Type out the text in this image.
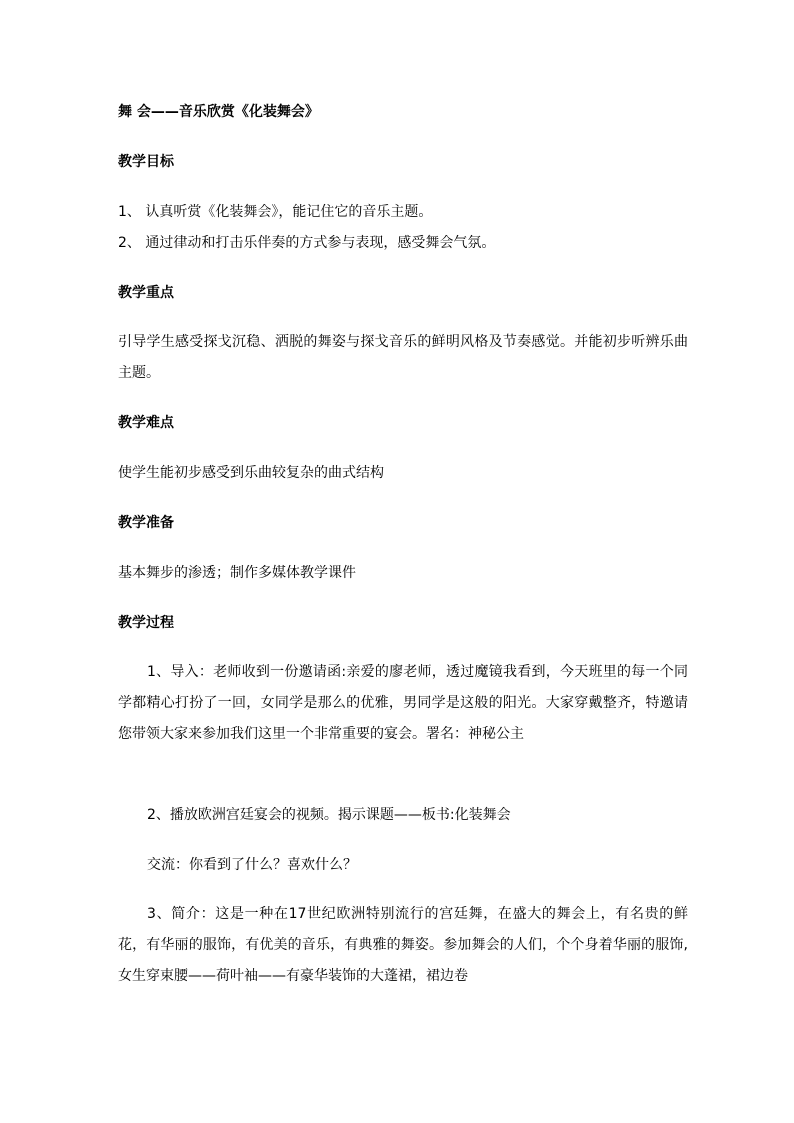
舞 会——音乐欣赏《化装舞会》
教学目标
1、 认真听赏《化装舞会》，能记住它的音乐主题。
2、 通过律动和打击乐伴奏的方式参与表现，感受舞会气氛。
教学重点
引导学生感受探戈沉稳、洒脱的舞姿与探戈音乐的鲜明风格及节奏感觉。并能初步听辨乐曲主题。
教学难点
使学生能初步感受到乐曲较复杂的曲式结构
教学准备
基本舞步的渗透；制作多媒体教学课件
教学过程
1、导入：老师收到一份邀请函:亲爱的廖老师，透过魔镜我看到，今天班里的每一个同学都精心打扮了一回，女同学是那么的优雅，男同学是这般的阳光。大家穿戴整齐，特邀请您带领大家来参加我们这里一个非常重要的宴会。署名：神秘公主
2、播放欧洲宫廷宴会的视频。揭示课题——板书:化装舞会
交流：你看到了什么？喜欢什么？
3、简介：这是一种在17世纪欧洲特别流行的宫廷舞，在盛大的舞会上，有名贵的鲜花，有华丽的服饰，有优美的音乐，有典雅的舞姿。参加舞会的人们，个个身着华丽的服饰,女生穿束腰——荷叶袖——有豪华装饰的大蓬裙，裙边卷
